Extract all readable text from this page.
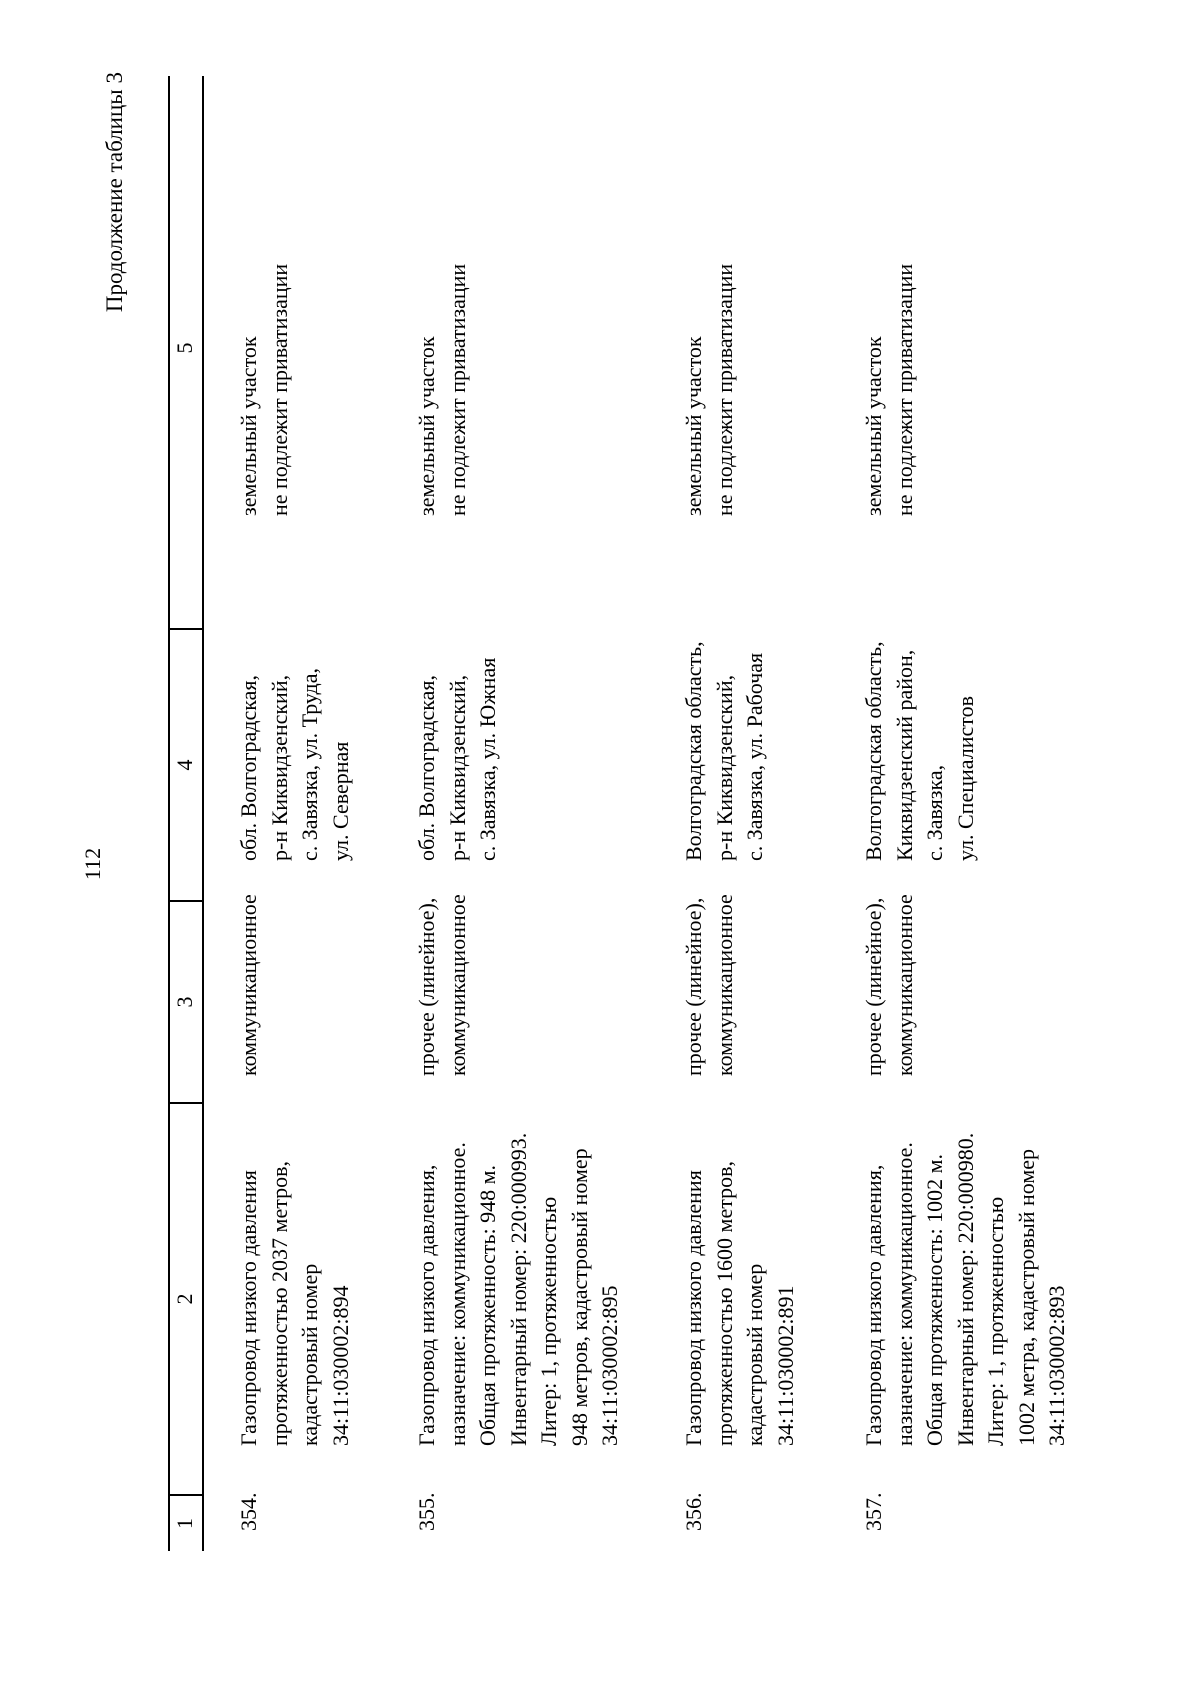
112
Продолжение таблицы 3
1
2
3
4
5
354.
Газопровод низкого давления протяженностью 2037 метров, кадастровый номер 34:11:030002:894
коммуникационное
обл. Волгоградская, р-н Киквидзенский, с. Завязка, ул. Труда, ул. Северная
земельный участок не подлежит приватизации
355.
Газопровод низкого давления, назначение: коммуникационное. Общая протяженность: 948 м. Инвентарный номер: 220:000993. Литер: 1, протяженностью 948 метров, кадастровый номер 34:11:030002:895
прочее (линейное), коммуникационное
обл. Волгоградская, р-н Киквидзенский, с. Завязка, ул. Южная
земельный участок не подлежит приватизации
356.
Газопровод низкого давления протяженностью 1600 метров, кадастровый номер 34:11:030002:891
прочее (линейное), коммуникационное
Волгоградская область, р-н Киквидзенский, с. Завязка, ул. Рабочая
земельный участок не подлежит приватизации
357.
Газопровод низкого давления, назначение: коммуникационное. Общая протяженность: 1002 м. Инвентарный номер: 220:000980. Литер: 1, протяженностью 1002 метра, кадастровый номер 34:11:030002:893
прочее (линейное), коммуникационное
Волгоградская область, Киквидзенский район, с. Завязка, ул. Специалистов
земельный участок не подлежит приватизации
